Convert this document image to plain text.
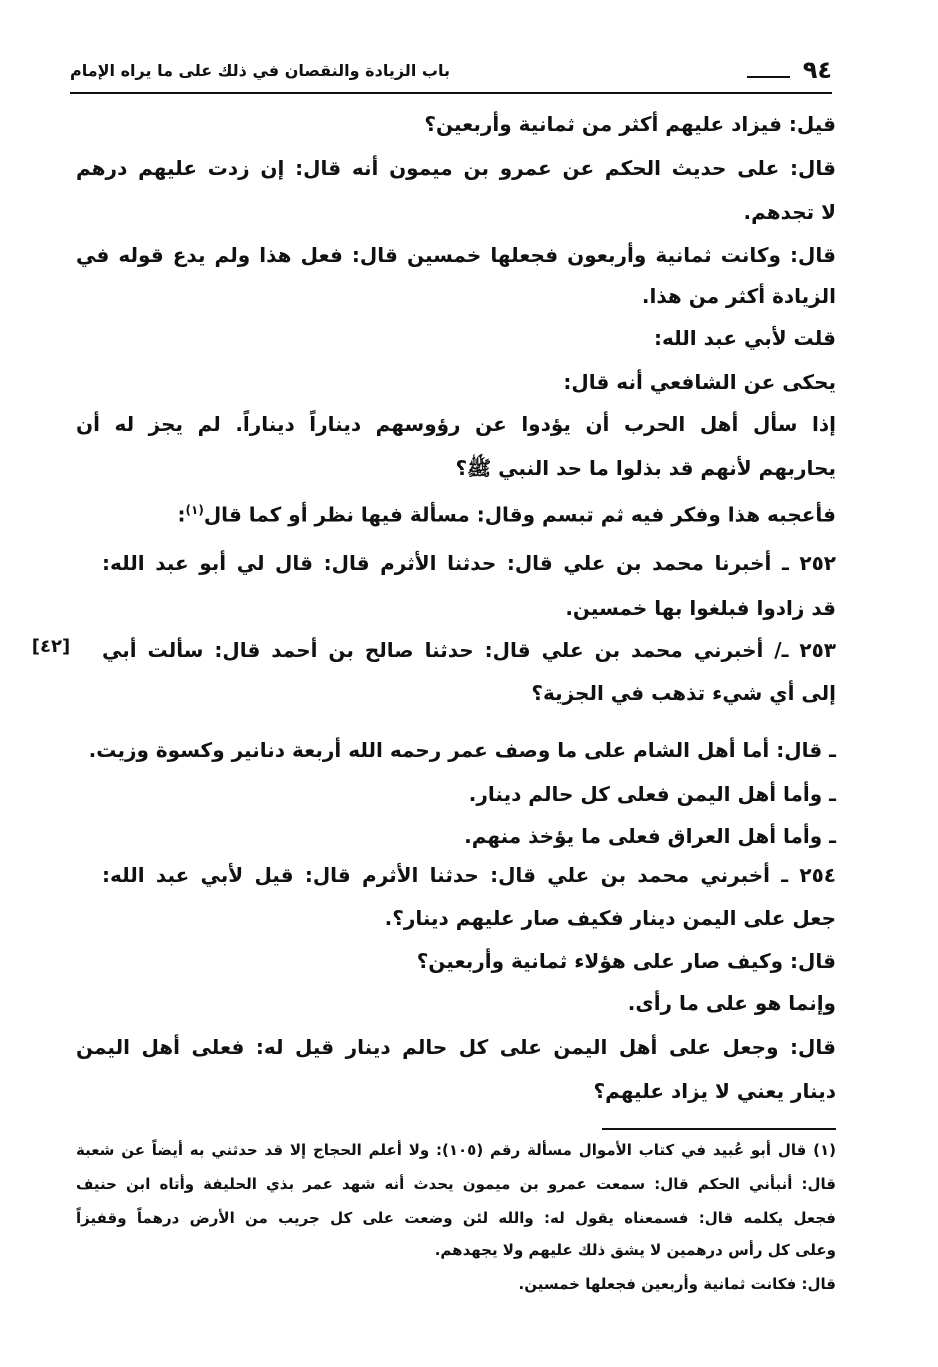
٩٤
باب الزيادة والنقصان في ذلك على ما يراه الإمام
[٤٢]
قيل: فيزاد عليهم أكثر من ثمانية وأربعين؟
قال: على حديث الحكم عن عمرو بن ميمون أنه قال: إن زدت عليهم درهم
لا تجدهم.
قال: وكانت ثمانية وأربعون فجعلها خمسين قال: فعل هذا ولم يدع قوله في
الزيادة أكثر من هذا.
قلت لأبي عبد الله:
يحكى عن الشافعي أنه قال:
إذا سأل أهل الحرب أن يؤدوا عن رؤوسهم ديناراً ديناراً. لم يجز له أن
يحاربهم لأنهم قد بذلوا ما حد النبي ﷺ؟
فأعجبه هذا وفكر فيه ثم تبسم وقال: مسألة فيها نظر أو كما قال$^{(١)}$:
٢٥٢ ـ أخبرنا محمد بن علي قال: حدثنا الأثرم قال: قال لي أبو عبد الله:
قد زادوا فبلغوا بها خمسين.
٢٥٣ ـ/ أخبرني محمد بن علي قال: حدثنا صالح بن أحمد قال: سألت أبي
إلى أي شيء تذهب في الجزية؟
ـ قال: أما أهل الشام على ما وصف عمر رحمه الله أربعة دنانير وكسوة وزيت.
ـ وأما أهل اليمن فعلى كل حالم دينار.
ـ وأما أهل العراق فعلى ما يؤخذ منهم.
٢٥٤ ـ أخبرني محمد بن علي قال: حدثنا الأثرم قال: قيل لأبي عبد الله:
جعل على اليمن دينار فكيف صار عليهم دينار؟.
قال: وكيف صار على هؤلاء ثمانية وأربعين؟
وإنما هو على ما رأى.
قال: وجعل على أهل اليمن على كل حالم دينار قيل له: فعلى أهل اليمن
دينار يعني لا يزاد عليهم؟
(١) قال أبو عُبيد في كتاب الأموال مسألة رقم (١٠٥): ولا أعلم الحجاج إلا قد حدثني به أيضاً عن شعبة
قال: أنبأني الحكم قال: سمعت عمرو بن ميمون يحدث أنه شهد عمر بذي الحليفة وأتاه ابن حنيف
فجعل يكلمه قال: فسمعناه يقول له: والله لئن وضعت على كل جريب من الأرض درهماً وقفيزاً
وعلى كل رأس درهمين لا يشق ذلك عليهم ولا يجهدهم.
قال: فكانت ثمانية وأربعين فجعلها خمسين.
